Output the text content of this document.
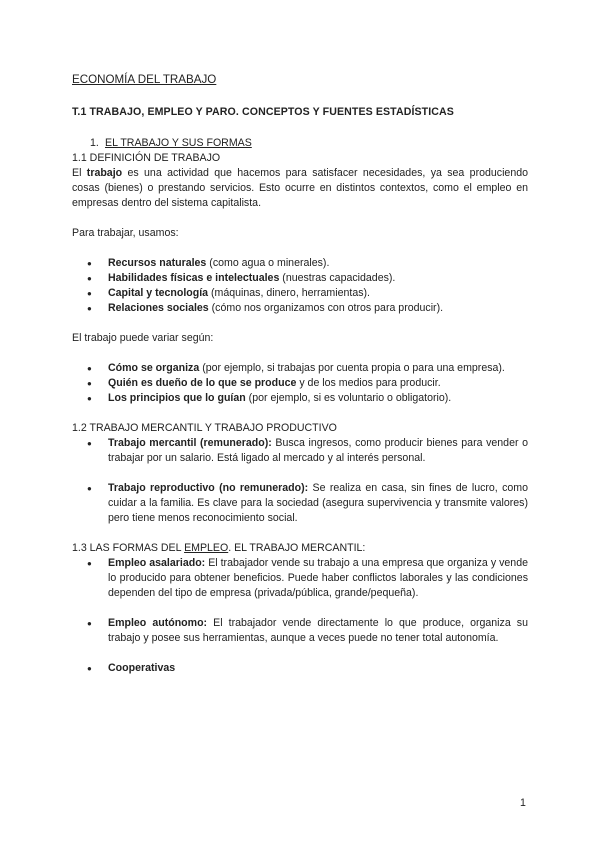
ECONOMÍA DEL TRABAJO
T.1 TRABAJO, EMPLEO Y PARO. CONCEPTOS Y FUENTES ESTADÍSTICAS
1. EL TRABAJO Y SUS FORMAS
1.1 DEFINICIÓN DE TRABAJO

El trabajo es una actividad que hacemos para satisfacer necesidades, ya sea produciendo cosas (bienes) o prestando servicios. Esto ocurre en distintos contextos, como el empleo en empresas dentro del sistema capitalista.

Para trabajar, usamos:

● Recursos naturales (como agua o minerales).
● Habilidades físicas e intelectuales (nuestras capacidades).
● Capital y tecnología (máquinas, dinero, herramientas).
● Relaciones sociales (cómo nos organizamos con otros para producir).

El trabajo puede variar según:

● Cómo se organiza (por ejemplo, si trabajas por cuenta propia o para una empresa).
● Quién es dueño de lo que se produce y de los medios para producir.
● Los principios que lo guían (por ejemplo, si es voluntario o obligatorio).
1.2 TRABAJO MERCANTIL Y TRABAJO PRODUCTIVO
● Trabajo mercantil (remunerado): Busca ingresos, como producir bienes para vender o trabajar por un salario. Está ligado al mercado y al interés personal.
● Trabajo reproductivo (no remunerado): Se realiza en casa, sin fines de lucro, como cuidar a la familia. Es clave para la sociedad (asegura supervivencia y transmite valores) pero tiene menos reconocimiento social.
1.3 LAS FORMAS DEL EMPLEO. EL TRABAJO MERCANTIL:
● Empleo asalariado: El trabajador vende su trabajo a una empresa que organiza y vende lo producido para obtener beneficios. Puede haber conflictos laborales y las condiciones dependen del tipo de empresa (privada/pública, grande/pequeña).
● Empleo autónomo: El trabajador vende directamente lo que produce, organiza su trabajo y posee sus herramientas, aunque a veces puede no tener total autonomía.
● Cooperativas
1
